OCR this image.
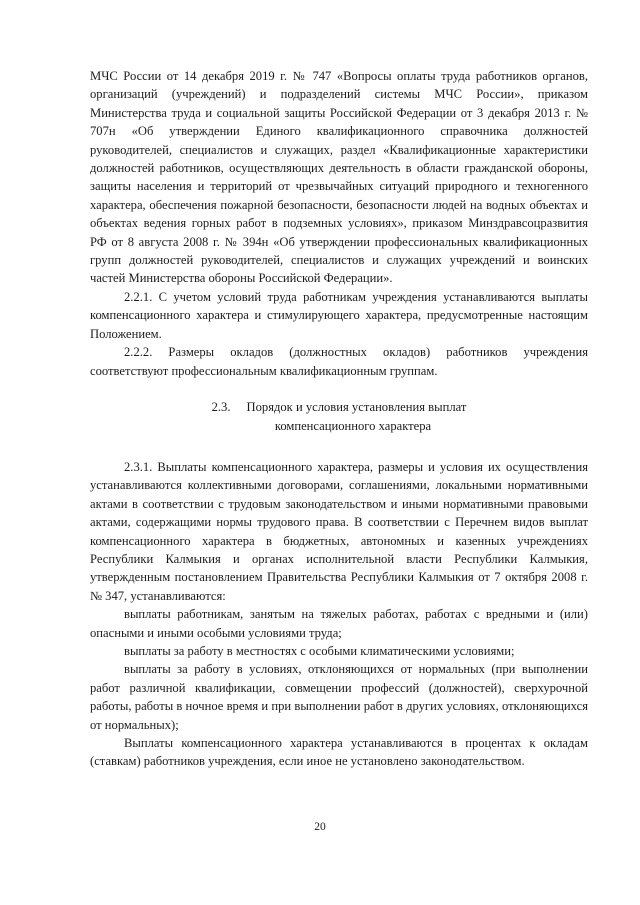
МЧС России от 14 декабря 2019 г. № 747 «Вопросы оплаты труда работников органов, организаций (учреждений) и подразделений системы МЧС России», приказом Министерства труда и социальной защиты Российской Федерации от 3 декабря 2013 г. № 707н «Об утверждении Единого квалификационного справочника должностей руководителей, специалистов и служащих, раздел «Квалификационные характеристики должностей работников, осуществляющих деятельность в области гражданской обороны, защиты населения и территорий от чрезвычайных ситуаций природного и техногенного характера, обеспечения пожарной безопасности, безопасности людей на водных объектах и объектах ведения горных работ в подземных условиях», приказом Минздравсоцразвития РФ от 8 августа 2008 г. № 394н «Об утверждении профессиональных квалификационных групп должностей руководителей, специалистов и служащих учреждений и воинских частей Министерства обороны Российской Федерации».

2.2.1. С учетом условий труда работникам учреждения устанавливаются выплаты компенсационного характера и стимулирующего характера, предусмотренные настоящим Положением.

2.2.2. Размеры окладов (должностных окладов) работников учреждения соответствуют профессиональным квалификационным группам.

2.3. Порядок и условия установления выплат
компенсационного характера

2.3.1. Выплаты компенсационного характера, размеры и условия их осуществления устанавливаются коллективными договорами, соглашениями, локальными нормативными актами в соответствии с трудовым законодательством и иными нормативными правовыми актами, содержащими нормы трудового права. В соответствии с Перечнем видов выплат компенсационного характера в бюджетных, автономных и казенных учреждениях Республики Калмыкия и органах исполнительной власти Республики Калмыкия, утвержденным постановлением Правительства Республики Калмыкия от 7 октября 2008 г. № 347, устанавливаются:

выплаты работникам, занятым на тяжелых работах, работах с вредными и (или) опасными и иными особыми условиями труда;

выплаты за работу в местностях с особыми климатическими условиями;

выплаты за работу в условиях, отклоняющихся от нормальных (при выполнении работ различной квалификации, совмещении профессий (должностей), сверхурочной работы, работы в ночное время и при выполнении работ в других условиях, отклоняющихся от нормальных);

Выплаты компенсационного характера устанавливаются в процентах к окладам (ставкам) работников учреждения, если иное не установлено законодательством.

20
